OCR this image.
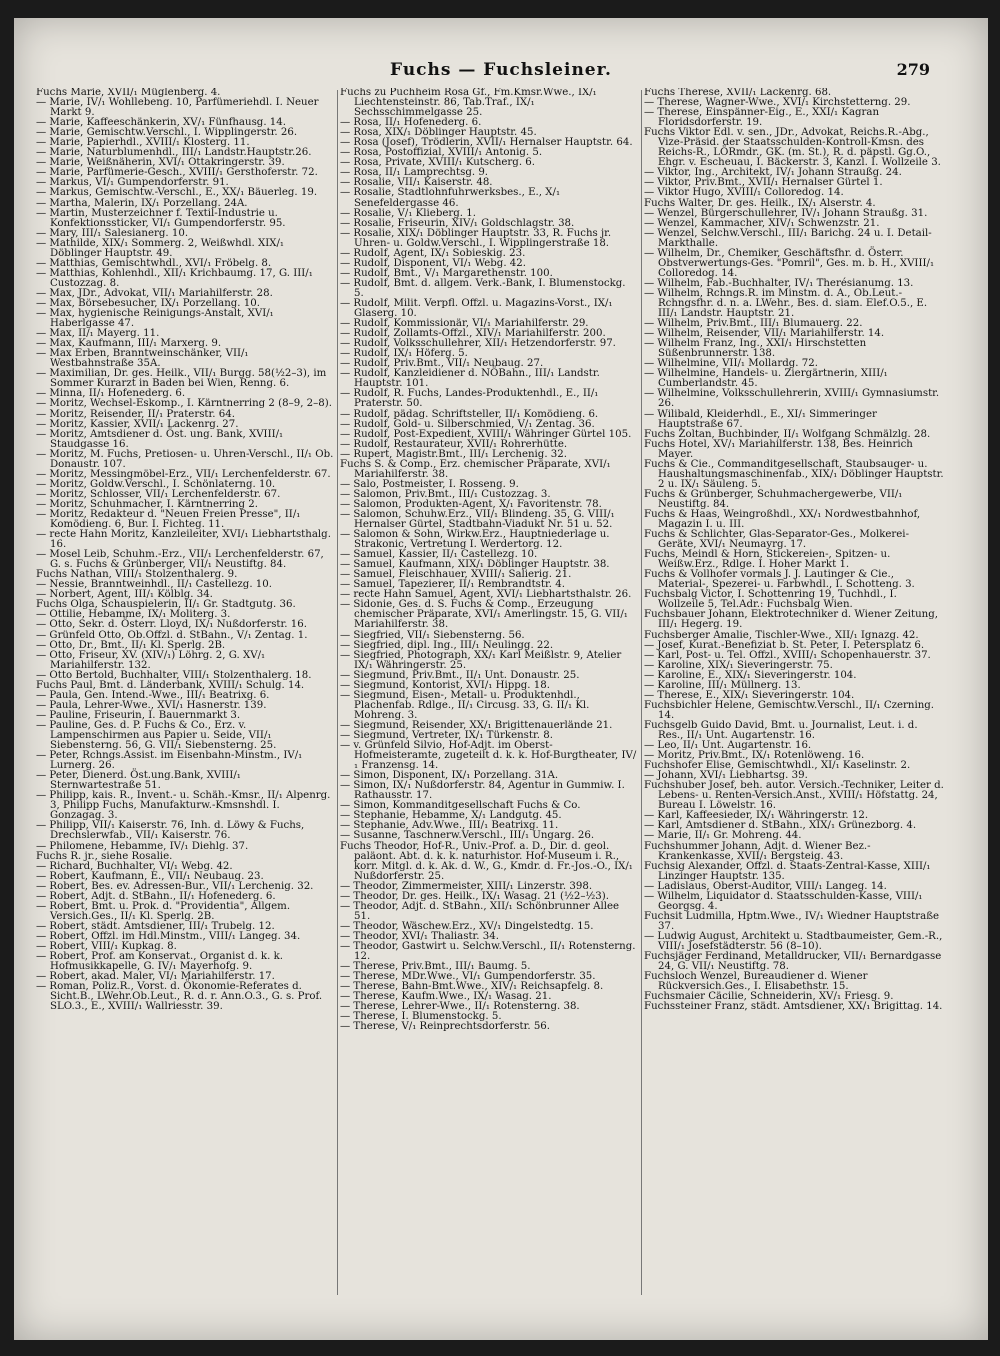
Fuchs — Fuchsleiner.	279

Fuchs Marie, XVII/₁ Müglenberg. 4.

— Marie, IV/₁ Wohllebeng. 10, Parfümeriehdl. I. Neuer Markt 9.

— Marie, Kaffeeschänkerin, XV/₁ Fünfhausg. 14.

— Marie, Gemischtw.Verschl., I. Wipplingerstr. 26.

— Marie, Papierhdl., XVIII/₁ Klosterg. 11.

— Marie, Naturblumenhdl., III/₁ Landstr.Hauptstr.26.

— Marie, Weißnäherin, XVI/₁ Ottakringerstr. 39.

— Marie, Parfümerie-Gesch., XVIII/₁ Gersthoferstr. 72.

— Markus, VI/₁ Gumpendorferstr. 91.

— Markus, Gemischtw.-Verschl., E., XX/₁ Bäuerleg. 19.

— Martha, Malerin, IX/₁ Porzellang. 24A.

— Martin, Musterzeichner f. Textil-Industrie u. Konfektionssticker, VI/₁ Gumpendorferstr. 95.

— Mary, III/₁ Salesianerg. 10.

— Mathilde, XIX/₁ Sommerg. 2, Weißwhdl. XIX/₁ Döblinger Hauptstr. 49.

— Matthias, Gemischtwhdl., XVI/₁ Fröbelg. 8.

— Matthias, Kohlenhdl., XII/₁ Krichbaumg. 17, G. III/₁ Custozzag. 8.

— Max, JDr., Advokat, VII/₁ Mariahilferstr. 28.

— Max, Börsebesucher, IX/₁ Porzellang. 10.

— Max, hygienische Reinigungs-Anstalt, XVI/₁ Haberlgasse 47.

— Max, II/₁ Mayerg. 11.

— Max, Kaufmann, III/₁ Marxerg. 9.

— Max Erben, Branntweinschänker, VII/₁ Westbahnstraße 35A.

— Maximilian, Dr. ges. Heilk., VII/₁ Burgg. 58(½2–3), im Sommer Kurarzt in Baden bei Wien, Renng. 6.

— Minna, II/₁ Hofenederg. 6.

— Moritz, Wechsel-Eskomp., I. Kärntnerring 2 (8–9, 2–8).

— Moritz, Reisender, II/₁ Praterstr. 64.

— Moritz, Kassier, XVII/₁ Lackenrg. 27.

— Moritz, Amtsdiener d. Öst. ung. Bank, XVIII/₁ Staudgasse 16.

— Moritz, M. Fuchs, Pretiosen- u. Uhren-Verschl., II/₁ Ob. Donaustr. 107.

— Moritz, Messingmöbel-Erz., VII/₁ Lerchenfelderstr. 67.

— Moritz, Goldw.Verschl., I. Schönlaterng. 10.

— Moritz, Schlosser, VII/₁ Lerchenfelderstr. 67.

— Moritz, Schuhmacher, I. Kärntnerring 2.

— Moritz, Redakteur d. "Neuen Freien Presse", II/₁ Komödieng. 6, Bur. I. Fichteg. 11.

— recte Hahn Moritz, Kanzleileiter, XVI/₁ Liebhartsthalg. 16.

— Mosel Leib, Schuhm.-Erz., VII/₁ Lerchenfelderstr. 67, G. s. Fuchs & Grünberger, VII/₁ Neustiftg. 84.

Fuchs Nathan, VIII/₁ Stolzenthalerg. 9.

— Nessie, Branntweinhdl., II/₁ Castellezg. 10.

— Norbert, Agent, III/₁ Kölblg. 34.

Fuchs Olga, Schauspielerin, II/₁ Gr. Stadtgutg. 36.

— Ottilie, Hebamme, IX/₁ Moliterg. 3.

— Otto, Sekr. d. Österr. Lloyd, IX/₁ Nußdorferstr. 16.

— Grünfeld Otto, Ob.Offzl. d. StBahn., V/₁ Zentag. 1.

— Otto, Dr., Bmt., II/₁ Kl. Sperlg. 2B.

— Otto, Friseur, XV. (XIV/₁) Löhrg. 2, G. XV/₁ Mariahilferstr. 132.

— Otto Bertold, Buchhalter, VIII/₁ Stolzenthalerg. 18.

Fuchs Paul, Bmt. d. Länderbank, XVIII/₁ Schulg. 14.

— Paula, Gen. Intend.-Wwe., III/₁ Beatrixg. 6.

— Paula, Lehrer-Wwe., XVI/₁ Hasnerstr. 139.

— Pauline, Friseurin, I. Bauernmarkt 3.

— Pauline, Ges. d. P. Fuchs & Co., Erz. v. Lampenschirmen aus Papier u. Seide, VII/₁ Siebensterng. 56, G. VII/₁ Siebensterng. 25.

— Peter, Rchngs.Assist. im Eisenbahn-Minstm., IV/₁ Lurnerg. 26.

— Peter, Dienerd. Öst.ung.Bank, XVIII/₁ Sternwartestraße 51.

— Philipp, kais. R., Invent.- u. Schäh.-Kmsr., II/₁ Alpenrg. 3, Philipp Fuchs, Manufakturw.-Kmsnshdl. I. Gonzagag. 3.

— Philipp, VII/₁ Kaiserstr. 76, Inh. d. Löwy & Fuchs, Drechslerwfab., VII/₁ Kaiserstr. 76.

— Philomene, Hebamme, IV/₁ Diehlg. 37.

Fuchs R. jr., siehe Rosalie.

— Richard, Buchhalter, VI/₁ Webg. 42.

— Robert, Kaufmann, E., VII/₁ Neubaug. 23.

— Robert, Bes. ev. Adressen-Bur., VII/₁ Lerchenig. 32.

— Robert, Adjt. d. StBahn., II/₁ Hofenederg. 6.

— Robert, Bmt. u. Prok. d. "Providentia", Allgem. Versich.Ges., II/₁ Kl. Sperlg. 2B.

— Robert, städt. Amtsdiener, III/₁ Trubelg. 12.

— Robert, Offzl. im Hdl.Minstm., VIII/₁ Langeg. 34.

— Robert, VIII/₁ Kupkag. 8.

— Robert, Prof. am Konservat., Organist d. k. k. Hofmusikkapelle, G. IV/₁ Mayerhofg. 9.

— Robert, akad. Maler, VI/₁ Mariahilferstr. 17.

— Roman, Poliz.R., Vorst. d. Ökonomie-Referates d. Sicht.B., LWehr.Ob.Leut., R. d. r. Ann.O.3., G. s. Prof. SLO.3., E., XVIII/₁ Wallriesstr. 39.

Fuchs zu Puchheim Rosa Gf., Fm.Kmsr.Wwe., IX/₁ Liechtensteinstr. 86, Tab.Traf., IX/₁ Sechsschimmelgasse 25.

— Rosa, II/₁ Hofenederg. 6.

— Rosa, XIX/₁ Döblinger Hauptstr. 45.

— Rosa (Josef), Trödlerin, XVII/₁ Hernalser Hauptstr. 64.

— Rosa, Postoffizial, XVIII/₁ Antonig. 5.

— Rosa, Private, XVIII/₁ Kutscherg. 6.

— Rosa, II/₁ Lamprechtsg. 9.

— Rosalie, VII/₁ Kaiserstr. 48.

— Rosalie, Stadtlohnfuhrwerksbes., E., X/₁ Senefeldergasse 46.

— Rosalie, V/₁ Klieberg. 1.

— Rosalie, Friseurin, XIV/₁ Goldschlagstr. 38.

— Rosalie, XIX/₁ Döblinger Hauptstr. 33, R. Fuchs jr. Uhren- u. Goldw.Verschl., I. Wipplingerstraße 18.

— Rudolf, Agent, IX/₁ Sobieskig. 23.

— Rudolf, Disponent, VI/₁ Webg. 42.

— Rudolf, Bmt., V/₁ Margarethenstr. 100.

— Rudolf, Bmt. d. allgem. Verk.-Bank, I. Blumenstockg. 5.

— Rudolf, Milit. Verpfl. Offzl. u. Magazins-Vorst., IX/₁ Glaserg. 10.

— Rudolf, Kommissionär, VI/₁ Mariahilferstr. 29.

— Rudolf, Zollamts-Offzl., XIV/₁ Mariahilferstr. 200.

— Rudolf, Volksschullehrer, XII/₁ Hetzendorferstr. 97.

— Rudolf, IX/₁ Höferg. 5.

— Rudolf, Priv.Bmt., VII/₁ Neubaug. 27.

— Rudolf, Kanzleidiener d. NÖBahn., III/₁ Landstr. Hauptstr. 101.

— Rudolf, R. Fuchs, Landes-Produktenhdl., E., II/₁ Praterstr. 50.

— Rudolf, pädag. Schriftsteller, II/₁ Komödieng. 6.

— Rudolf, Gold- u. Silberschmied, V/₁ Zentag. 36.

— Rudolf, Post-Expedient, XVIII/₁ Währinger Gürtel 105.

— Rudolf, Restaurateur, XVII/₁ Rohrerhütte.

— Rupert, Magistr.Bmt., III/₁ Lerchenig. 32.

Fuchs S. & Comp., Erz. chemischer Präparate, XVI/₁ Mariahilferstr. 38.

— Salo, Postmeister, I. Rosseng. 9.

— Salomon, Priv.Bmt., III/₁ Custozzag. 3.

— Salomon, Produkten-Agent, X/₁ Favoritenstr. 78.

— Salomon, Schuhw.Erz., VII/₁ Blindeng. 35, G. VIII/₁ Hernalser Gürtel, Stadtbahn-Viadukt Nr. 51 u. 52.

— Salomon & Sohn, Wirkw.Erz., Hauptniederlage u. Strakonic, Vertretung I. Werdertorg. 12.

— Samuel, Kassier, II/₁ Castellezg. 10.

— Samuel, Kaufmann, XIX/₁ Döblinger Hauptstr. 38.

— Samuel, Fleischhauer, XVIII/₁ Salierig. 21.

— Samuel, Tapezierer, II/₁ Rembrandtstr. 4.

— recte Hahn Samuel, Agent, XVI/₁ Liebhartsthalstr. 26.

— Sidonie, Ges. d. S. Fuchs & Comp., Erzeugung chemischer Präparate, XVI/₁ Amerlingstr. 15, G. VII/₁ Mariahilferstr. 38.

— Siegfried, VII/₁ Siebensterng. 56.

— Siegfried, dipl. Ing., III/₁ Neulingg. 22.

— Siegfried, Photograph, XX/₁ Karl Meißlstr. 9, Atelier IX/₁ Währingerstr. 25.

— Siegmund, Priv.Bmt., II/₁ Unt. Donaustr. 25.

— Siegmund, Kontorist, XVI/₁ Hippg. 18.

— Siegmund, Eisen-, Metall- u. Produktenhdl., Plachenfab. Rdlge., II/₁ Circusg. 33, G. II/₁ Kl. Mohreng. 3.

— Siegmund, Reisender, XX/₁ Brigittenauerlände 21.

— Siegmund, Vertreter, IX/₁ Türkenstr. 8.

— v. Grünfeld Silvio, Hof-Adjt. im Oberst-Hofmeisteramte, zugeteilt d. k. k. Hof-Burgtheater, IV/₁ Franzensg. 14.

— Simon, Disponent, IX/₁ Porzellang. 31A.

— Simon, IX/₁ Nußdorferstr. 84, Agentur in Gummiw. I. Rathausstr. 17.

— Simon, Kommanditgesellschaft Fuchs & Co.

— Stephanie, Hebamme, X/₁ Landgutg. 45.

— Stephanie, Adv.Wwe., III/₁ Beatrixg. 11.

— Susanne, Taschnerw.Verschl., III/₁ Ungarg. 26.

Fuchs Theodor, Hof-R., Univ.-Prof. a. D., Dir. d. geol. paläont. Abt. d. k. k. naturhistor. Hof-Museum i. R., korr. Mitgl. d. k. Ak. d. W., G., Kmdr. d. Fr.-Jos.-O., IX/₁ Nußdorferstr. 25.

— Theodor, Zimmermeister, XIII/₁ Linzerstr. 398.

— Theodor, Dr. ges. Heilk., IX/₁ Wasag. 21 (½2–½3).

— Theodor, Adjt. d. StBahn., XII/₁ Schönbrunner Allee 51.

— Theodor, Wäschew.Erz., XV/₁ Dingelstedtg. 15.

— Theodor, XVI/₁ Thaliastr. 34.

— Theodor, Gastwirt u. Selchw.Verschl., II/₁ Rotensterng. 12.

— Therese, Priv.Bmt., III/₁ Baumg. 5.

— Therese, MDr.Wwe., VI/₁ Gumpendorferstr. 35.

— Therese, Bahn-Bmt.Wwe., XIV/₁ Reichsapfelg. 8.

— Therese, Kaufm.Wwe., IX/₁ Wasag. 21.

— Therese, Lehrer-Wwe., II/₁ Rotensterng. 38.

— Therese, I. Blumenstockg. 5.

— Therese, V/₁ Reinprechtsdorferstr. 56.

Fuchs Therese, XVII/₁ Lackenrg. 68.

— Therese, Wagner-Wwe., XVI/₁ Kirchstetterng. 29.

— Therese, Einspänner-Eig., E., XXI/₁ Kagran Floridsdorferstr. 19.

Fuchs Viktor Edl. v. sen., JDr., Advokat, Reichs.R.-Abg., Vize-Präsid. der Staatsschulden-Kontroll-Kmsn. des Reichs-R., LÖRmdr., GK. (m. St.), R. d. päpstl. Gg.O., Ehgr. v. Escheuau, I. Bäckerstr. 3, Kanzl. I. Wollzeile 3.

— Viktor, Ing., Architekt, IV/₁ Johann Straußg. 24.

— Viktor, Priv.Bmt., XVII/₁ Hernalser Gürtel 1.

— Viktor Hugo, XVIII/₁ Colloredog. 14.

Fuchs Walter, Dr. ges. Heilk., IX/₁ Alserstr. 4.

— Wenzel, Bürgerschullehrer, IV/₁ Johann Straußg. 31.

— Wenzel, Kammacher, XIV/₁ Schwenzstr. 21.

— Wenzel, Selchw.Verschl., III/₁ Barichg. 24 u. I. Detail-Markthalle.

— Wilhelm, Dr., Chemiker, Geschäftsfhr. d. Österr. Obstverwertungs-Ges. "Pomril", Ges. m. b. H., XVIII/₁ Colloredog. 14.

— Wilhelm, Fab.-Buchhalter, IV/₁ Therésianumg. 13.

— Wilhelm, Rchngs.R. im Minstm. d. A., Ob.Leut.-Rchngsfhr. d. n. a. LWehr., Bes. d. siam. Elef.O.5., E. III/₁ Landstr. Hauptstr. 21.

— Wilhelm, Priv.Bmt., III/₁ Blumauerg. 22.

— Wilhelm, Reisender, VII/₁ Mariahilferstr. 14.

— Wilhelm Franz, Ing., XXI/₁ Hirschstetten Süßenbrunnerstr. 138.

— Wilhelmine, VII/₁ Mollardg. 72.

— Wilhelmine, Handels- u. Ziergärtnerin, XIII/₁ Cumberlandstr. 45.

— Wilhelmine, Volksschullehrerin, XVIII/₁ Gymnasiumstr. 26.

— Wilibald, Kleiderhdl., E., XI/₁ Simmeringer Hauptstraße 67.

Fuchs Zoltan, Buchbinder, II/₁ Wolfgang Schmälzlg. 28.

Fuchs Hotel, XV/₁ Mariahilferstr. 138, Bes. Heinrich Mayer.

Fuchs & Cie., Commanditgesellschaft, Staubsauger- u. Haushaltungsmaschinenfab., XIX/₁ Döblinger Hauptstr. 2 u. IX/₁ Säuleng. 5.

Fuchs & Grünberger, Schuhmachergewerbe, VII/₁ Neustiftg. 84.

Fuchs & Haas, Weingroßhdl., XX/₁ Nordwestbahnhof, Magazin I. u. III.

Fuchs & Schlichter, Glas-Separator-Ges., Molkerei-Geräte, XVI/₁ Neumayrg. 17.

Fuchs, Meindl & Horn, Stickereien-, Spitzen- u. Weißw.Erz., Rdlge. I. Hoher Markt 1.

Fuchs & Vollhofer vormals J. J. Lautinger & Cie., Material-, Spezerei- u. Farbwhdl., I. Schotteng. 3.

Fuchsbalg Victor, I. Schottenring 19, Tuchhdl., I. Wollzeile 5, Tel.Adr.: Fuchsbalg Wien.

Fuchsbauer Johann, Elektrotechniker d. Wiener Zeitung, III/₁ Hegerg. 19.

Fuchsberger Amalie, Tischler-Wwe., XII/₁ Ignazg. 42.

— Josef, Kurat.-Benefiziat b. St. Peter, I. Petersplatz 6.

— Karl, Post- u. Tel. Offzl., XVIII/₁ Schopenhauerstr. 37.

— Karoline, XIX/₁ Sieveringerstr. 75.

— Karoline, E., XIX/₁ Sieveringerstr. 104.

— Karoline, III/₁ Müllnerg. 13.

— Therese, E., XIX/₁ Sieveringerstr. 104.

Fuchsbichler Helene, Gemischtw.Verschl., II/₁ Czerning. 14.

Fuchsgelb Guido David, Bmt. u. Journalist, Leut. i. d. Res., II/₁ Unt. Augartenstr. 16.

— Leo, II/₁ Unt. Augartenstr. 16.

— Moritz, Priv.Bmt., IX/₁ Rotenlöweng. 16.

Fuchshofer Elise, Gemischtwhdl., XI/₁ Kaselinstr. 2.

— Johann, XVI/₁ Liebhartsg. 39.

Fuchshuber Josef, beh. autor. Versich.-Techniker, Leiter d. Lebens- u. Renten-Versich.Anst., XVIII/₁ Höfstattg. 24, Bureau I. Löwelstr. 16.

— Karl, Kaffeesieder, IX/₁ Währingerstr. 12.

— Karl, Amtsdiener d. StBahn., XIX/₁ Grünezborg. 4.

— Marie, II/₁ Gr. Mohreng. 44.

Fuchshummer Johann, Adjt. d. Wiener Bez.-Krankenkasse, XVII/₁ Bergsteig. 43.

Fuchsig Alexander, Offzl. d. Staats-Zentral-Kasse, XIII/₁ Linzinger Hauptstr. 135.

— Ladislaus, Oberst-Auditor, VIII/₁ Langeg. 14.

— Wilhelm, Liquidator d. Staatsschulden-Kasse, VIII/₁ Georgsg. 4.

Fuchsit Ludmilla, Hptm.Wwe., IV/₁ Wiedner Hauptstraße 37.

— Ludwig August, Architekt u. Stadtbaumeister, Gem.-R., VIII/₁ Josefstädterstr. 56 (8–10).

Fuchsjäger Ferdinand, Metalldrucker, VII/₁ Bernardgasse 24, G. VII/₁ Neustiftg. 78.

Fuchsloch Wenzel, Bureaudiener d. Wiener Rückversich.Ges., I. Elisabethstr. 15.

Fuchsmaier Cäcilie, Schneiderin, XV/₁ Friesg. 9.

Fuchssteiner Franz, städt. Amtsdiener, XX/₁ Brigittag. 14.
